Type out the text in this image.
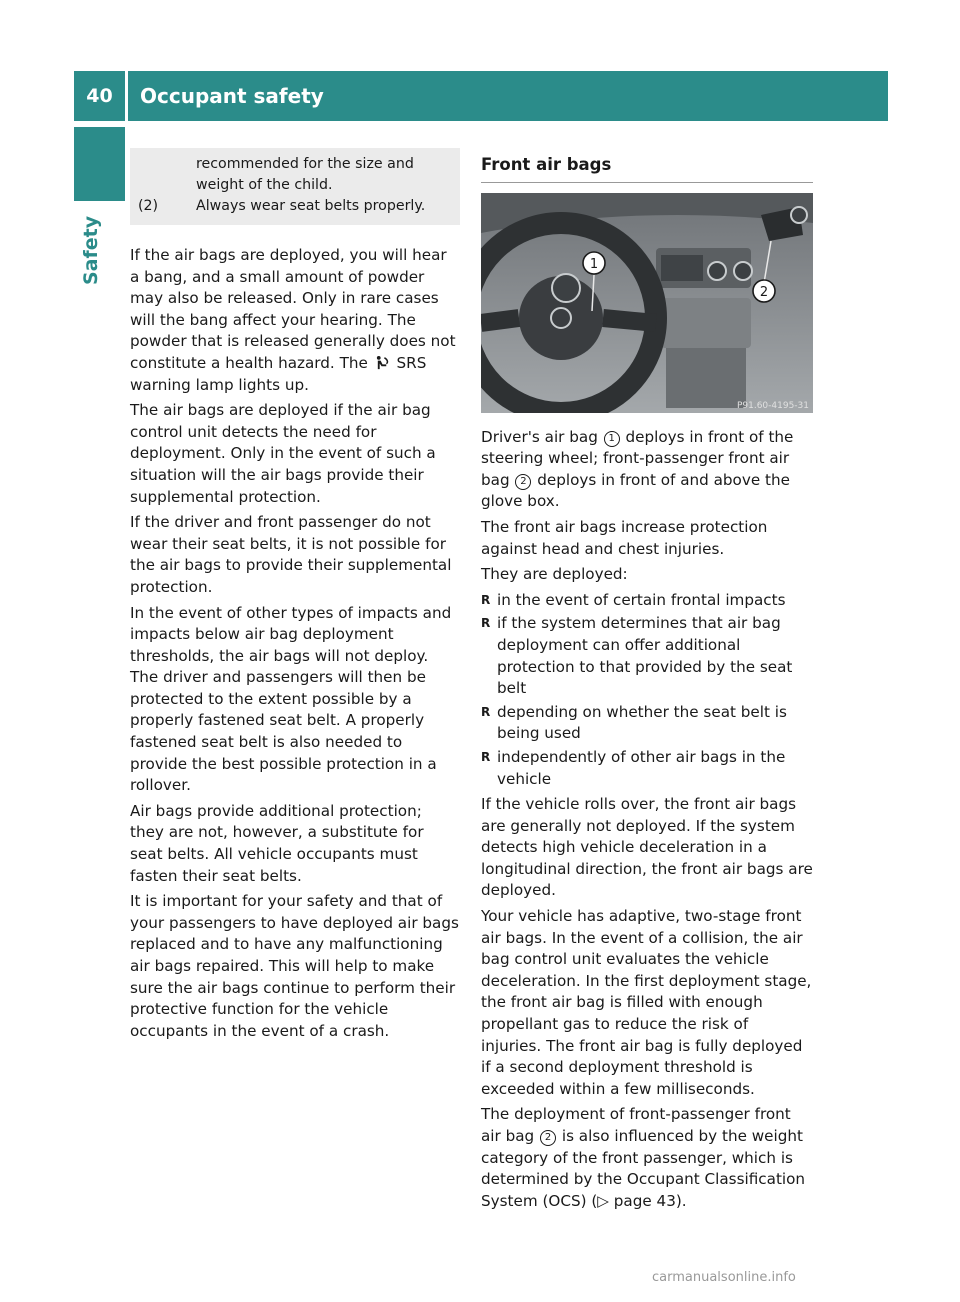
40	Occupant safety
Safety
recommended for the size and weight of the child.
(2)	Always wear seat belts properly.

If the air bags are deployed, you will hear a bang, and a small amount of powder may also be released. Only in rare cases will the bang affect your hearing. The powder that is released generally does not constitute a health hazard. The SRS warning lamp lights up.

The air bags are deployed if the air bag control unit detects the need for deployment. Only in the event of such a situation will the air bags provide their supplemental protection.

If the driver and front passenger do not wear their seat belts, it is not possible for the air bags to provide their supplemental protection.

In the event of other types of impacts and impacts below air bag deployment thresholds, the air bags will not deploy. The driver and passengers will then be protected to the extent possible by a properly fastened seat belt. A properly fastened seat belt is also needed to provide the best possible protection in a rollover.

Air bags provide additional protection; they are not, however, a substitute for seat belts. All vehicle occupants must fasten their seat belts.

It is important for your safety and that of your passengers to have deployed air bags replaced and to have any malfunctioning air bags repaired. This will help to make sure the air bags continue to perform their protective function for the vehicle occupants in the event of a crash.

Front air bags
1
2
P91.60-4195-31

Driver's air bag 1 deploys in front of the steering wheel; front-passenger front air bag 2 deploys in front of and above the glove box.

The front air bags increase protection against head and chest injuries.

They are deployed:

R in the event of certain frontal impacts
R if the system determines that air bag deployment can offer additional protection to that provided by the seat belt
R depending on whether the seat belt is being used
R independently of other air bags in the vehicle

If the vehicle rolls over, the front air bags are generally not deployed. If the system detects high vehicle deceleration in a longitudinal direction, the front air bags are deployed.

Your vehicle has adaptive, two-stage front air bags. In the event of a collision, the air bag control unit evaluates the vehicle deceleration. In the first deployment stage, the front air bag is filled with enough propellant gas to reduce the risk of injuries. The front air bag is fully deployed if a second deployment threshold is exceeded within a few milliseconds.

The deployment of front-passenger front air bag 2 is also influenced by the weight category of the front passenger, which is determined by the Occupant Classification System (OCS) (▷ page 43).

carmanualsonline.info
